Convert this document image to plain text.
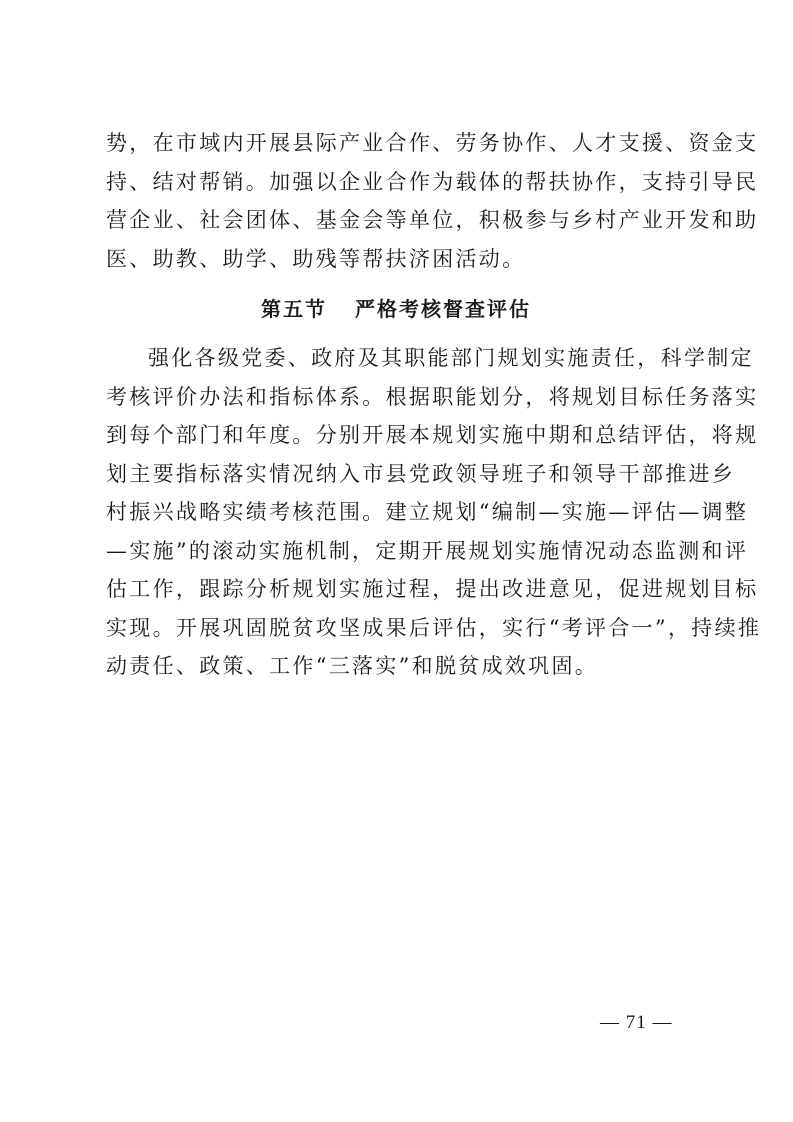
势，在市域内开展县际产业合作、劳务协作、人才支援、资金支
持、结对帮销。加强以企业合作为载体的帮扶协作，支持引导民
营企业、社会团体、基金会等单位，积极参与乡村产业开发和助
医、助教、助学、助残等帮扶济困活动。

第五节 严格考核督查评估

强化各级党委、政府及其职能部门规划实施责任，科学制定
考核评价办法和指标体系。根据职能划分，将规划目标任务落实
到每个部门和年度。分别开展本规划实施中期和总结评估，将规
划主要指标落实情况纳入市县党政领导班子和领导干部推进乡
村振兴战略实绩考核范围。建立规划“编制—实施—评估—调整
—实施”的滚动实施机制，定期开展规划实施情况动态监测和评
估工作，跟踪分析规划实施过程，提出改进意见，促进规划目标
实现。开展巩固脱贫攻坚成果后评估，实行“考评合一”，持续推
动责任、政策、工作“三落实”和脱贫成效巩固。

— 71 —
